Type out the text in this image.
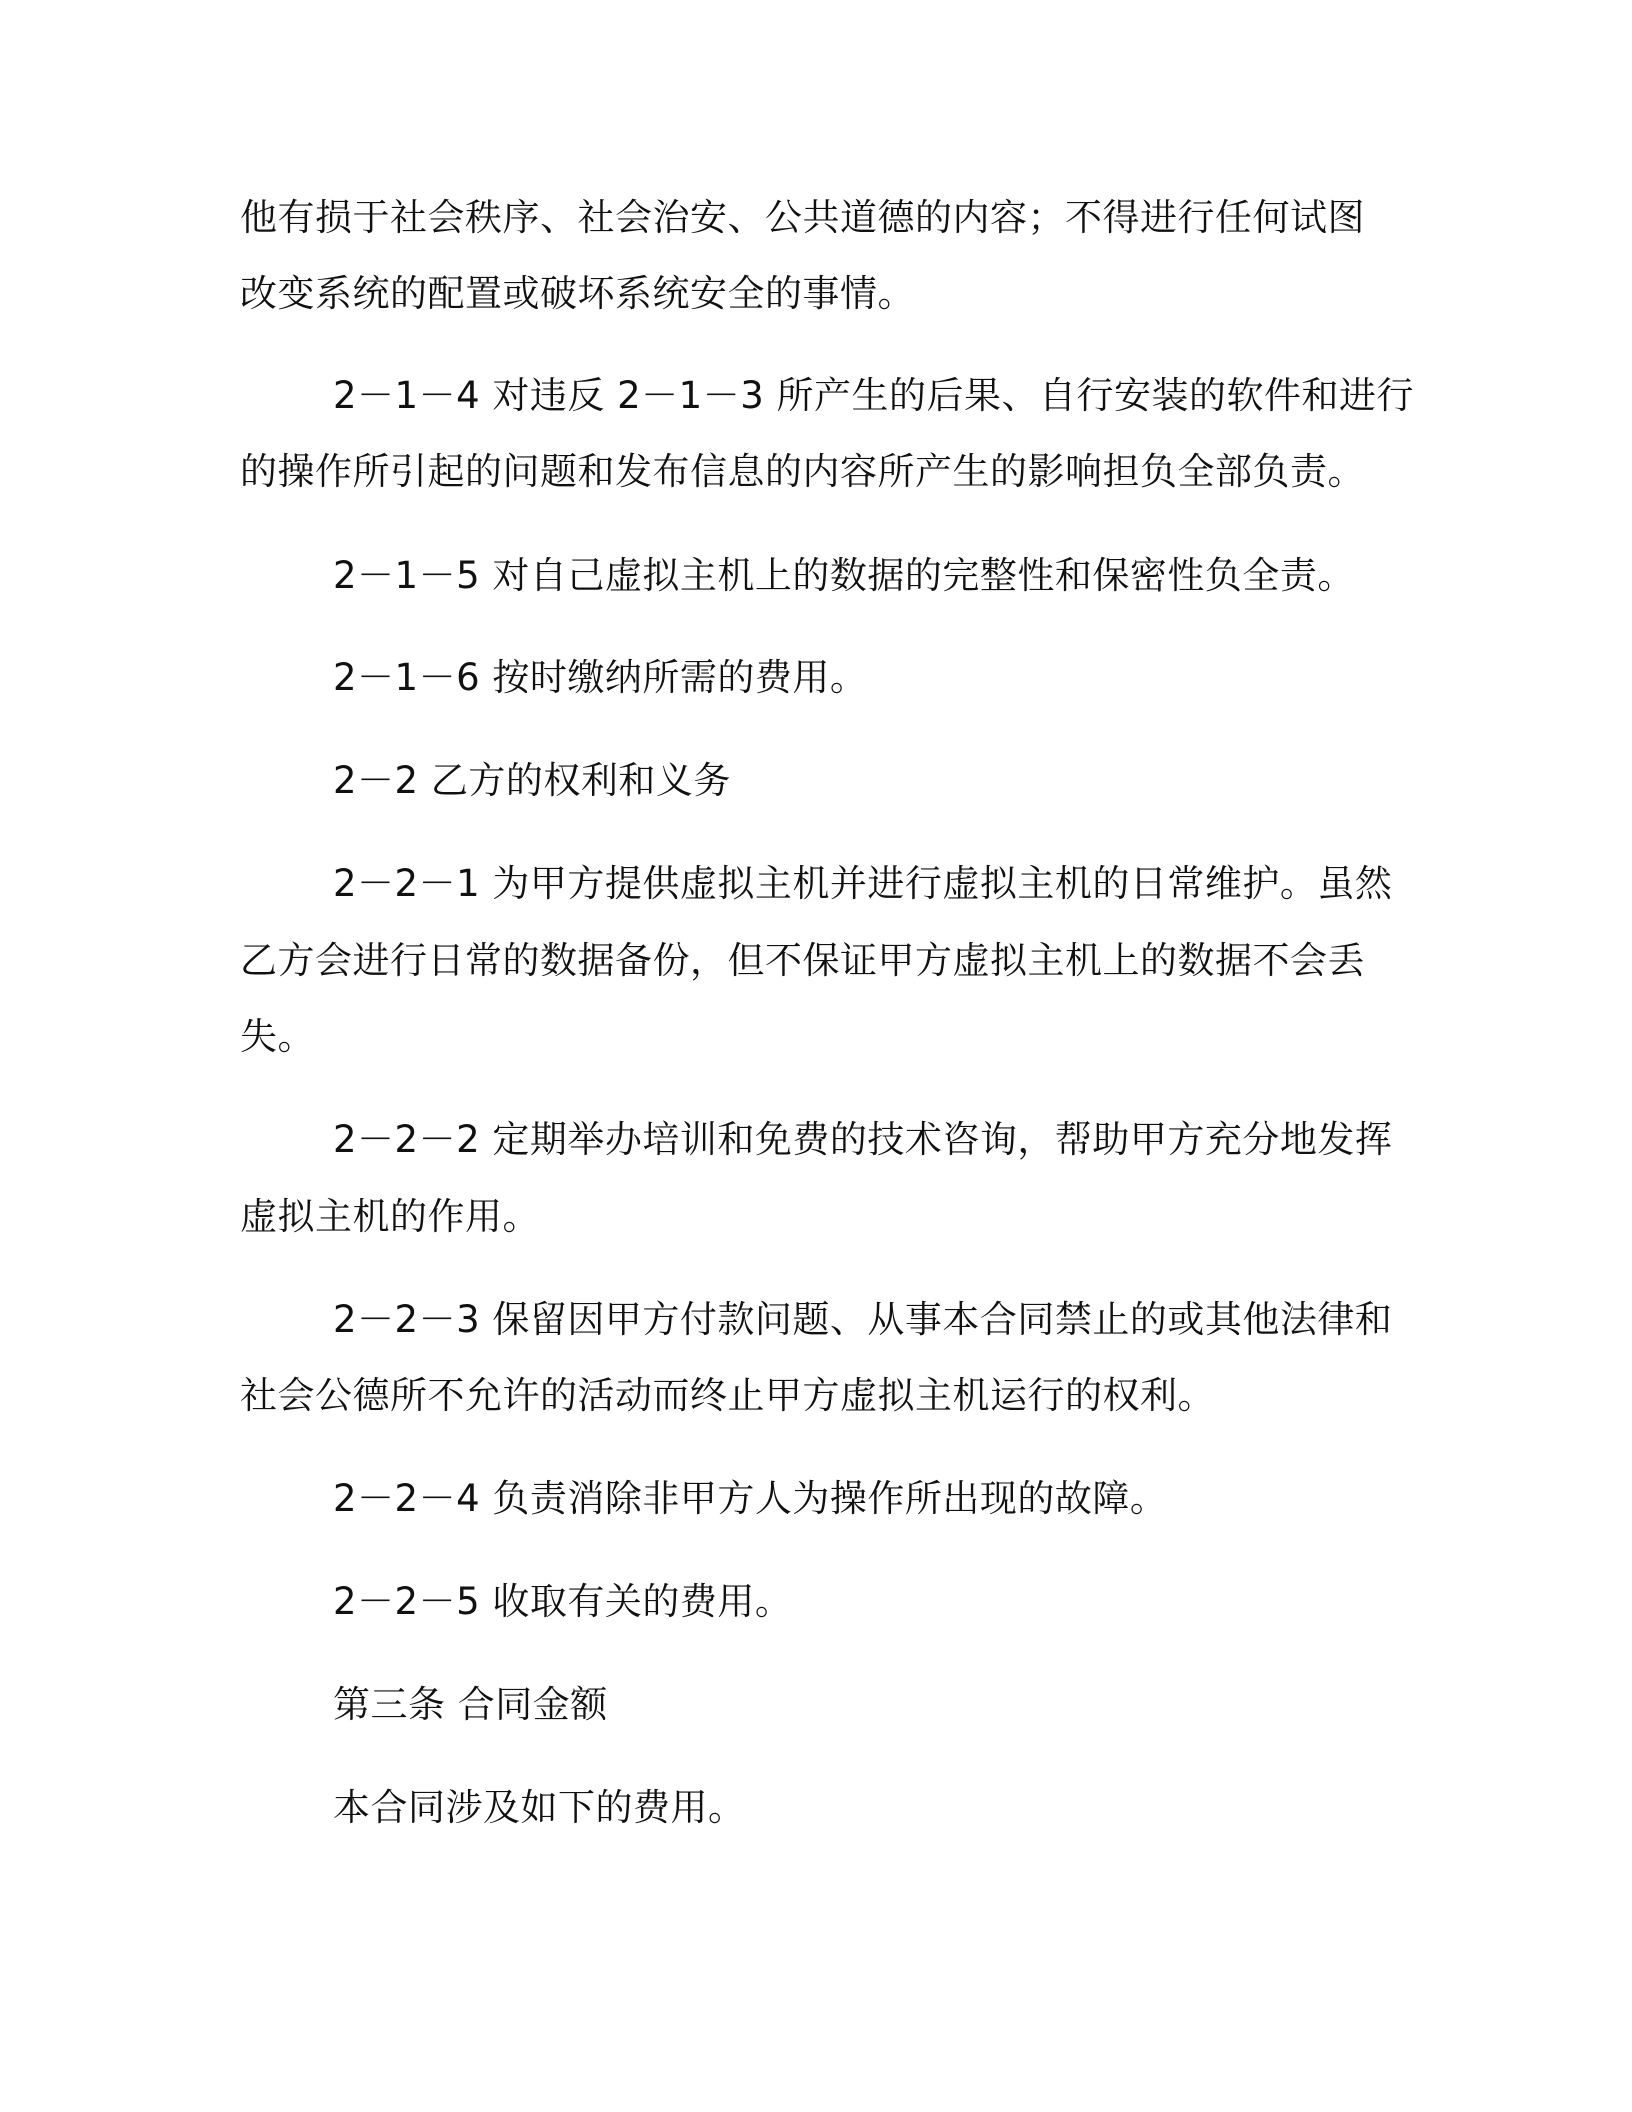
他有损于社会秩序、社会治安、公共道德的内容；不得进行任何试图
改变系统的配置或破坏系统安全的事情。
2－1－4 对违反 2－1－3 所产生的后果、自行安装的软件和进行
的操作所引起的问题和发布信息的内容所产生的影响担负全部负责。
2－1－5 对自己虚拟主机上的数据的完整性和保密性负全责。
2－1－6 按时缴纳所需的费用。
2－2 乙方的权利和义务
2－2－1 为甲方提供虚拟主机并进行虚拟主机的日常维护。虽然
乙方会进行日常的数据备份，但不保证甲方虚拟主机上的数据不会丢
失。
2－2－2 定期举办培训和免费的技术咨询，帮助甲方充分地发挥
虚拟主机的作用。
2－2－3 保留因甲方付款问题、从事本合同禁止的或其他法律和
社会公德所不允许的活动而终止甲方虚拟主机运行的权利。
2－2－4 负责消除非甲方人为操作所出现的故障。
2－2－5 收取有关的费用。
第三条 合同金额
本合同涉及如下的费用。
